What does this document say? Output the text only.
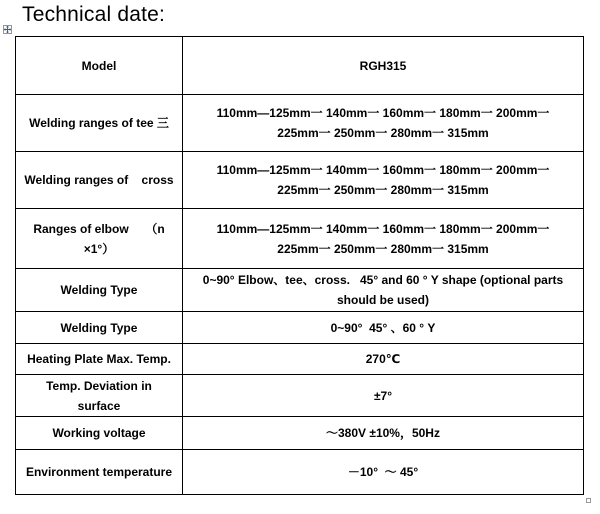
Technical date:
Model	RGH315

Welding ranges of tee 三	110mm—125mm一 140mm一 160mm一 180mm一 200mm一
225mm一 250mm一 280mm一 315mm

Welding ranges of    cross	110mm—125mm一 140mm一 160mm一 180mm一 200mm一
225mm一 250mm一 280mm一 315mm

Ranges of elbow     （n ×1°）	110mm—125mm一 140mm一 160mm一 180mm一 200mm一
225mm一 250mm一 280mm一 315mm

Welding Type	0~90° Elbow、tee、cross.   45° and 60 ° Y shape (optional parts
should be used)

Welding Type	0~90°  45° 、60 ° Y

Heating Plate Max. Temp.	270℃

Temp. Deviation in surface	±7°

Working voltage	～380V ±10%，50Hz

Environment temperature	－10°  ～ 45°
